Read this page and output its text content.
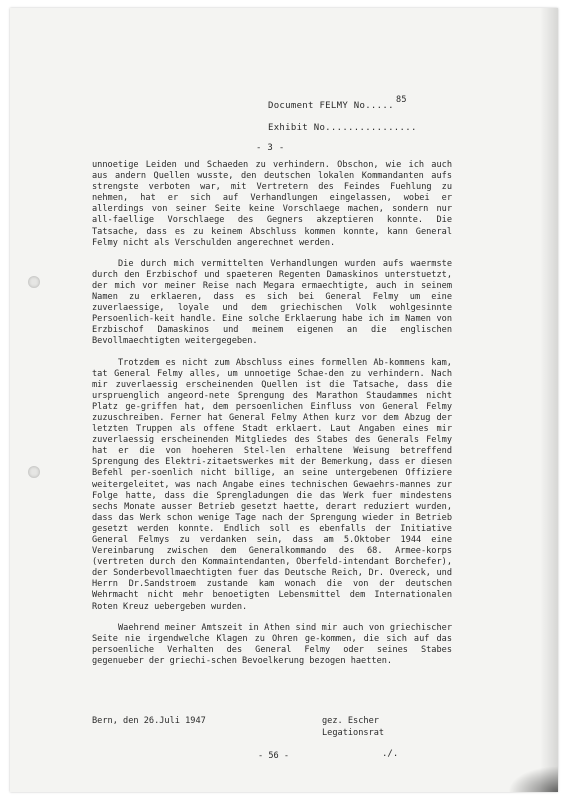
Document FELMY No.....
85
Exhibit No................
- 3 -

unnoetige Leiden und Schaeden zu verhindern. Obschon, wie ich auch aus andern Quellen wusste, den deutschen lokalen Kommandanten aufs strengste verboten war, mit Vertretern des Feindes Fuehlung zu nehmen, hat er sich auf Verhandlungen eingelassen, wobei er allerdings von seiner Seite keine Vorschlaege machen, sondern nur all-faellige Vorschlaege des Gegners akzeptieren konnte. Die Tatsache, dass es zu keinem Abschluss kommen konnte, kann General Felmy nicht als Verschulden angerechnet werden.

Die durch mich vermittelten Verhandlungen wurden aufs waermste durch den Erzbischof und spaeteren Regenten Damaskinos unterstuetzt, der mich vor meiner Reise nach Megara ermaechtigte, auch in seinem Namen zu erklaeren, dass es sich bei General Felmy um eine zuverlaessige, loyale und dem griechischen Volk wohlgesinnte Persoenlich-keit handle. Eine solche Erklaerung habe ich im Namen von Erzbischof Damaskinos und meinem eigenen an die englischen Bevollmaechtigten weitergegeben.

Trotzdem es nicht zum Abschluss eines formellen Ab-kommens kam, tat General Felmy alles, um unnoetige Schae-den zu verhindern. Nach mir zuverlaessig erscheinenden Quellen ist die Tatsache, dass die urspruenglich angeord-nete Sprengung des Marathon Staudammes nicht Platz ge-griffen hat, dem persoenlichen Einfluss von General Felmy zuzuschreiben. Ferner hat General Felmy Athen kurz vor dem Abzug der letzten Truppen als offene Stadt erklaert. Laut Angaben eines mir zuverlaessig erscheinenden Mitgliedes des Stabes des Generals Felmy hat er die von hoeheren Stel-len erhaltene Weisung betreffend Sprengung des Elektri-zitaetswerkes mit der Bemerkung, dass er diesen Befehl per-soenlich nicht billige, an seine untergebenen Offiziere weitergeleitet, was nach Angabe eines technischen Gewaehrs-mannes zur Folge hatte, dass die Sprengladungen die das Werk fuer mindestens sechs Monate ausser Betrieb gesetzt haette, derart reduziert wurden, dass das Werk schon wenige Tage nach der Sprengung wieder in Betrieb gesetzt werden konnte. Endlich soll es ebenfalls der Initiative General Felmys zu verdanken sein, dass am 5.Oktober 1944 eine Vereinbarung zwischen dem Generalkommando des 68. Armee-korps (vertreten durch den Kommaintendanten, Oberfeld-intendant Borchefer), der Sonderbevollmaechtigten fuer das Deutsche Reich, Dr. Overeck, und Herrn Dr.Sandstroem zustande kam wonach die von der deutschen Wehrmacht nicht mehr benoetigten Lebensmittel dem Internationalen Roten Kreuz uebergeben wurden.

Waehrend meiner Amtszeit in Athen sind mir auch von griechischer Seite nie irgendwelche Klagen zu Ohren ge-kommen, die sich auf das persoenliche Verhalten des General Felmy oder seines Stabes gegenueber der griechi-schen Bevoelkerung bezogen haetten.

Bern, den 26.Juli 1947	gez. Escher
Legationsrat
- 56 -	./.
